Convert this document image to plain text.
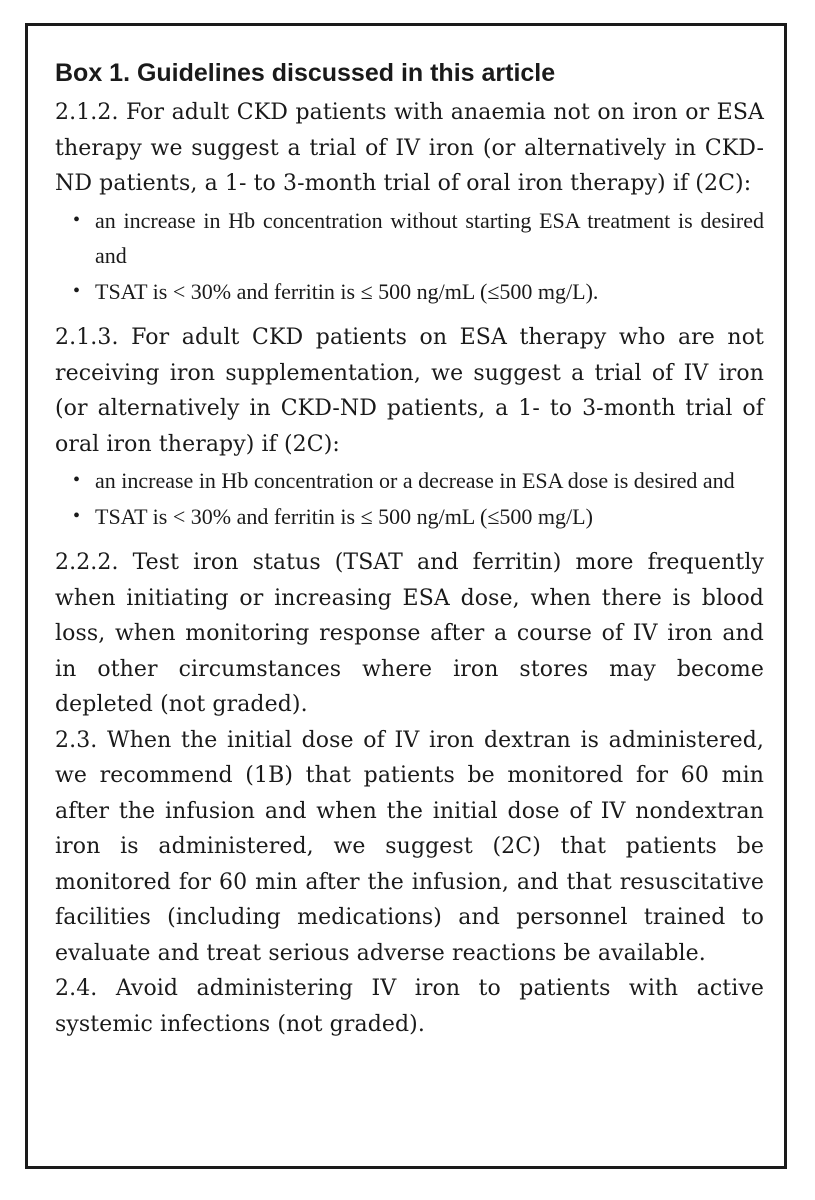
Box 1. Guidelines discussed in this article

2.1.2. For adult CKD patients with anaemia not on iron or ESA therapy we suggest a trial of IV iron (or alternatively in CKD-ND patients, a 1- to 3-month trial of oral iron therapy) if (2C):

• an increase in Hb concentration without starting ESA treatment is desired and
• TSAT is < 30% and ferritin is ≤ 500 ng/mL (≤500 mg/L).

2.1.3. For adult CKD patients on ESA therapy who are not receiving iron supplementation, we suggest a trial of IV iron (or alternatively in CKD-ND patients, a 1- to 3-month trial of oral iron therapy) if (2C):

• an increase in Hb concentration or a decrease in ESA dose is desired and
• TSAT is < 30% and ferritin is ≤ 500 ng/mL (≤500 mg/L)

2.2.2. Test iron status (TSAT and ferritin) more frequently when initiating or increasing ESA dose, when there is blood loss, when monitoring response after a course of IV iron and in other circumstances where iron stores may become depleted (not graded).

2.3. When the initial dose of IV iron dextran is administered, we recommend (1B) that patients be monitored for 60 min after the infusion and when the initial dose of IV nondextran iron is administered, we suggest (2C) that patients be monitored for 60 min after the infusion, and that resuscitative facilities (including medications) and personnel trained to evaluate and treat serious adverse reactions be available.

2.4. Avoid administering IV iron to patients with active systemic infections (not graded).
